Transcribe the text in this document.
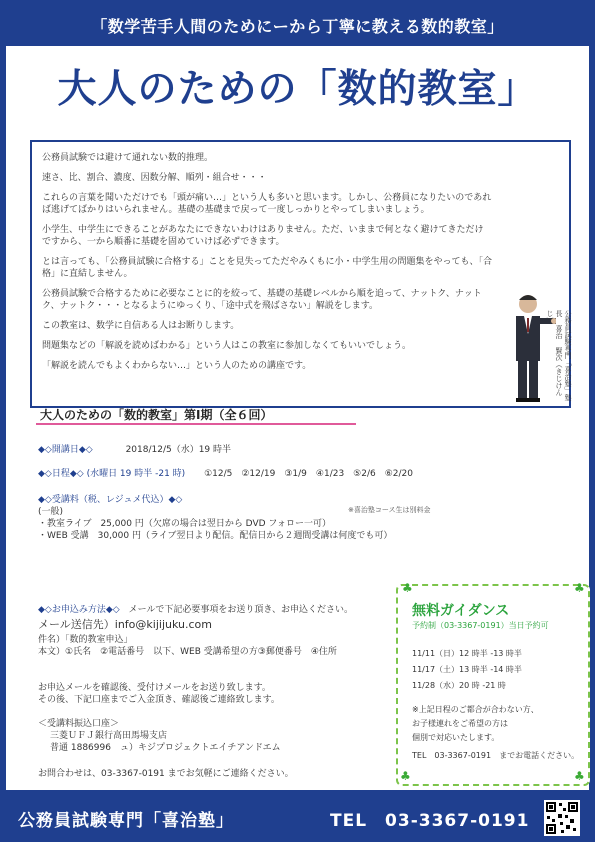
「数学苦手人間のためにーから丁寧に教える数的教室」
大人のための「数的教室」

公務員試験では避けて通れない数的推理。

速さ、比、割合、濃度、因数分解、順列・組合せ・・・

これらの言葉を聞いただけでも「頭が痛い…」という人も多いと思います。しかし、公務員になりたいのであれば逃げてばかりはいられません。基礎の基礎まで戻って一度しっかりとやってしまいましょう。

小学生、中学生にできることがあなたにできないわけはありません。ただ、いままで何となく避けてきただけですから、一から順番に基礎を固めていけば必ずできます。

とは言っても、「公務員試験に合格する」ことを見失ってただやみくもに小・中学生用の問題集をやっても、「合格」に直結しません。

公務員試験で合格するために必要なことに的を絞って、基礎の基礎レベルから順を追って、ナットク、ナットク、ナットク・・・となるようにゆっくり、「途中式を飛ばさない」解説をします。

この教室は、数学に自信ある人はお断りします。

問題集などの「解説を読めばわかる」という人はこの教室に参加しなくてもいいでしょう。

「解説を読んでもよくわからない…」という人のための講座です。	公務員試験専門「喜治塾」塾長 喜治 賢次（きじけんじ）
大人のための「数的教室」第Ⅰ期（全６回）
◆◇開講日◆◇	2018/12/5（水）19 時半
◆◇日程◆◇ (水曜日 19 時半 -21 時) ①12/5　②12/19　③1/9　④1/23　⑤2/6　⑥2/20
◆◇受講料（税、レジュメ代込）◆◇
(一般)	※喜治塾コース生は別料金
・教室ライブ　25,000 円（欠席の場合は翌日から DVD フォロー一可）
・WEB 受講　30,000 円（ライブ翌日より配信。配信日から２週間受講は何度でも可）
◆◇お申込み方法◆◇ メールで下記必要事項をお送り頂き、お申込ください。
メール送信先）info@kijijuku.com
件名）「数的教室申込」
本文）①氏名　②電話番号　以下、WEB 受講希望の方③郵便番号　④住所
お申込メールを確認後、受付けメールをお送り致します。
その後、下記口座までご入金頂き、確認後ご連絡致します。
＜受講料振込口座＞
三菱ＵＦＪ銀行高田馬場支店
普通 1886996　ュ）キジプロジェクトエイチアンドエム
お問合わせは、03-3367-0191 までお気軽にご連絡ください。
無料ガイダンス
予約制（03-3367-0191）当日予約可
11/11（日）12 時半 -13 時半
11/17（土）13 時半 -14 時半
11/28（水）20 時 -21 時
※上記日程のご都合が合わない方、
お子様連れをご希望の方は
個別で対応いたします。
TEL　03-3367-0191　までお電話ください。
♣	♣
♣	♣
公務員試験専門「喜治塾」	TEL　03-3367-0191
